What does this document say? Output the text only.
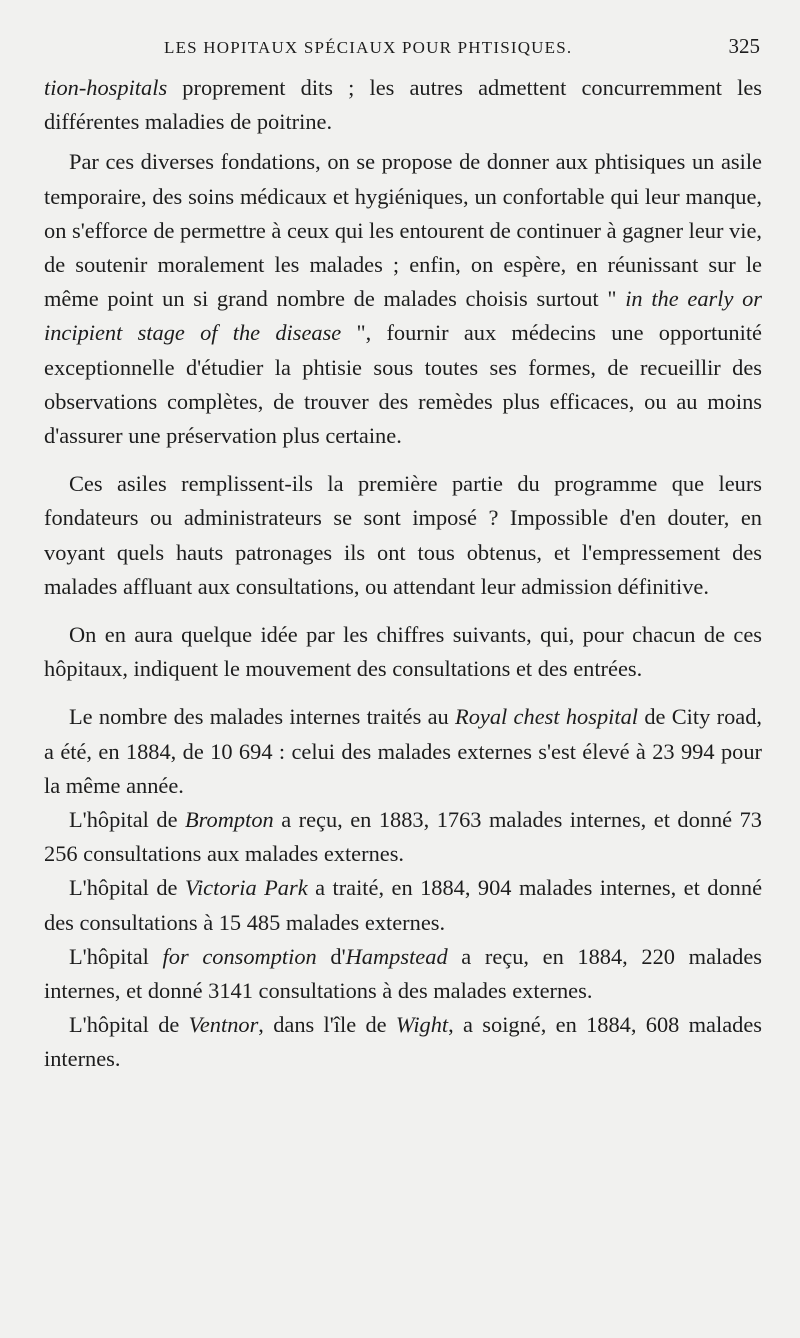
LES HOPITAUX SPÉCIAUX POUR PHTISIQUES.	325

tion-hospitals proprement dits ; les autres admettent concurremment les différentes maladies de poitrine.

Par ces diverses fondations, on se propose de donner aux phtisiques un asile temporaire, des soins médicaux et hygiéniques, un confortable qui leur manque, on s'efforce de permettre à ceux qui les entourent de continuer à gagner leur vie, de soutenir moralement les malades ; enfin, on espère, en réunissant sur le même point un si grand nombre de malades choisis surtout " in the early or incipient stage of the disease ", fournir aux médecins une opportunité exceptionnelle d'étudier la phtisie sous toutes ses formes, de recueillir des observations complètes, de trouver des remèdes plus efficaces, ou au moins d'assurer une préservation plus certaine.

Ces asiles remplissent-ils la première partie du programme que leurs fondateurs ou administrateurs se sont imposé ? Impossible d'en douter, en voyant quels hauts patronages ils ont tous obtenus, et l'empressement des malades affluant aux consultations, ou attendant leur admission définitive.

On en aura quelque idée par les chiffres suivants, qui, pour chacun de ces hôpitaux, indiquent le mouvement des consultations et des entrées.

Le nombre des malades internes traités au Royal chest hospital de City road, a été, en 1884, de 10 694 : celui des malades externes s'est élevé à 23 994 pour la même année.

L'hôpital de Brompton a reçu, en 1883, 1763 malades internes, et donné 73 256 consultations aux malades externes.

L'hôpital de Victoria Park a traité, en 1884, 904 malades internes, et donné des consultations à 15 485 malades externes.

L'hôpital for consomption d'Hampstead a reçu, en 1884, 220 malades internes, et donné 3141 consultations à des malades externes.

L'hôpital de Ventnor, dans l'île de Wight, a soigné, en 1884, 608 malades internes.
